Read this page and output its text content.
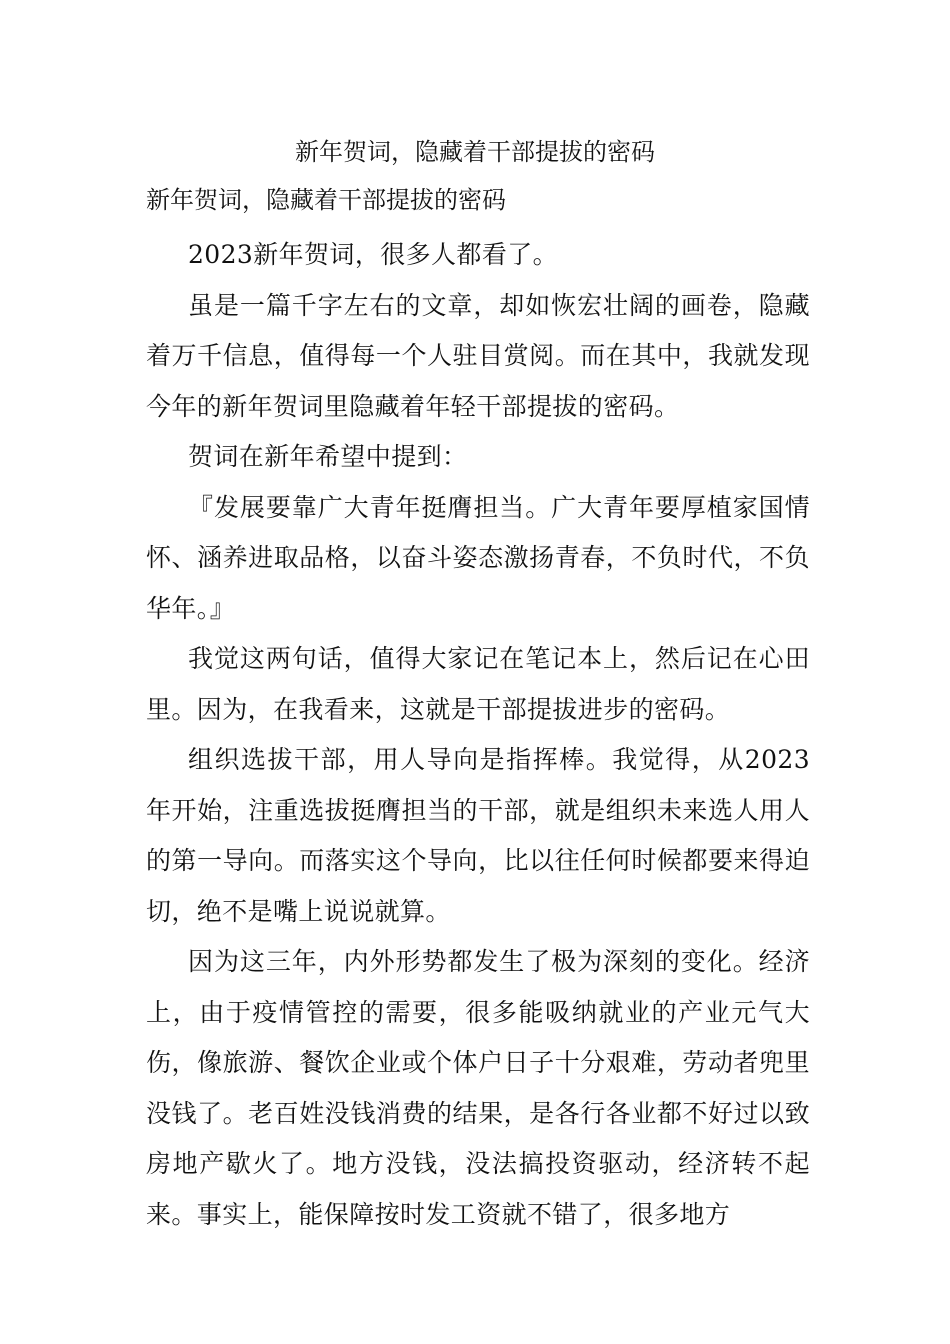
新年贺词，隐藏着干部提拔的密码

新年贺词，隐藏着干部提拔的密码

2023新年贺词，很多人都看了。

虽是一篇千字左右的文章，却如恢宏壮阔的画卷，隐藏着万千信息，值得每一个人驻目赏阅。而在其中，我就发现今年的新年贺词里隐藏着年轻干部提拔的密码。

贺词在新年希望中提到：

『发展要靠广大青年挺膺担当。广大青年要厚植家国情怀、涵养进取品格，以奋斗姿态激扬青春，不负时代，不负华年。』

我觉这两句话，值得大家记在笔记本上，然后记在心田里。因为，在我看来，这就是干部提拔进步的密码。

组织选拔干部，用人导向是指挥棒。我觉得，从2023年开始，注重选拔挺膺担当的干部，就是组织未来选人用人的第一导向。而落实这个导向，比以往任何时候都要来得迫切，绝不是嘴上说说就算。

因为这三年，内外形势都发生了极为深刻的变化。经济上，由于疫情管控的需要，很多能吸纳就业的产业元气大伤，像旅游、餐饮企业或个体户日子十分艰难，劳动者兜里没钱了。老百姓没钱消费的结果，是各行各业都不好过以致房地产歇火了。地方没钱，没法搞投资驱动，经济转不起来。事实上，能保障按时发工资就不错了，很多地方
